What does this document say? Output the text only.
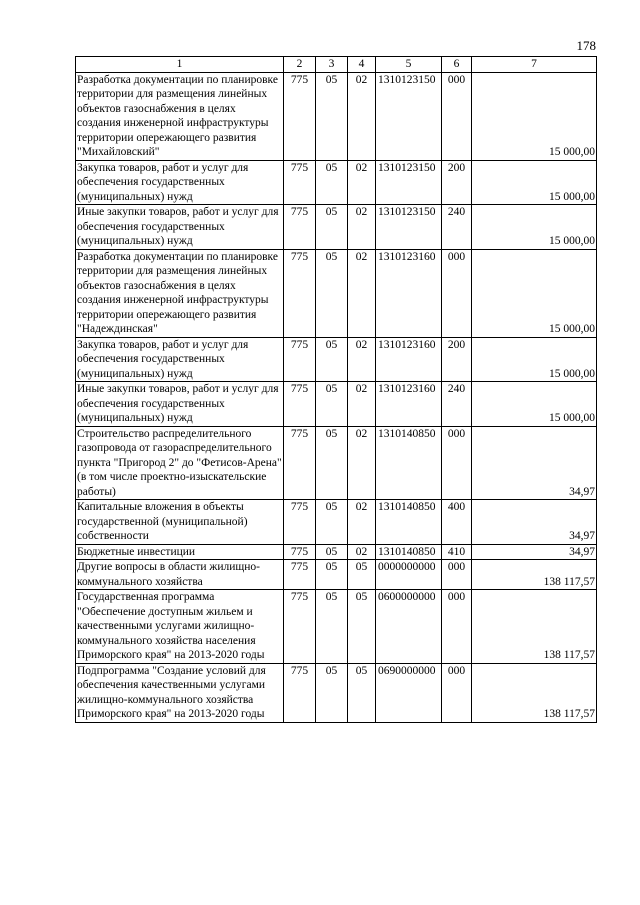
178
1	2	3	4	5	6	7
Разработка документации по планировке территории для размещения линейных объектов газоснабжения в целях создания инженерной инфраструктуры территории опережающего развития "Михайловский"	775	05	02	1310123150	000	15 000,00
Закупка товаров, работ и услуг для обеспечения государственных (муниципальных) нужд	775	05	02	1310123150	200	15 000,00
Иные закупки товаров, работ и услуг для обеспечения государственных (муниципальных) нужд	775	05	02	1310123150	240	15 000,00
Разработка документации по планировке территории для размещения линейных объектов газоснабжения в целях создания инженерной инфраструктуры территории опережающего развития "Надеждинская"	775	05	02	1310123160	000	15 000,00
Закупка товаров, работ и услуг для обеспечения государственных (муниципальных) нужд	775	05	02	1310123160	200	15 000,00
Иные закупки товаров, работ и услуг для обеспечения государственных (муниципальных) нужд	775	05	02	1310123160	240	15 000,00
Строительство распределительного газопровода от газораспределительного пункта "Пригород 2" до "Фетисов-Арена" (в том числе проектно-изыскательские работы)	775	05	02	1310140850	000	34,97
Капитальные вложения в объекты государственной (муниципальной) собственности	775	05	02	1310140850	400	34,97
Бюджетные инвестиции	775	05	02	1310140850	410	34,97
Другие вопросы в области жилищно-коммунального хозяйства	775	05	05	0000000000	000	138 117,57
Государственная программа "Обеспечение доступным жильем и качественными услугами жилищно-коммунального хозяйства населения Приморского края" на 2013-2020 годы	775	05	05	0600000000	000	138 117,57
Подпрограмма "Создание условий для обеспечения качественными услугами жилищно-коммунального хозяйства Приморского края" на 2013-2020 годы	775	05	05	0690000000	000	138 117,57
